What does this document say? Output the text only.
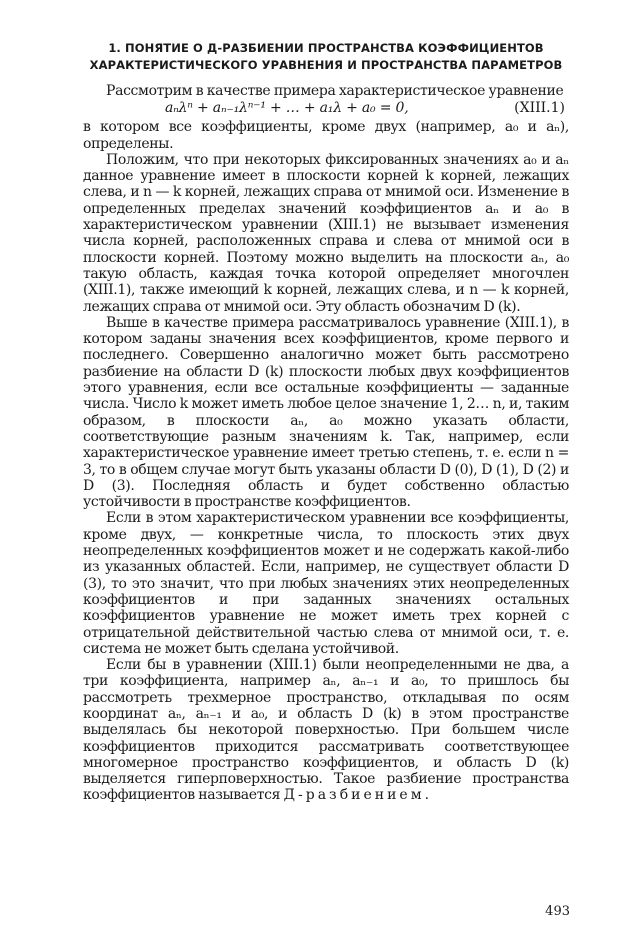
1. ПОНЯТИЕ О Д-РАЗБИЕНИИ ПРОСТРАНСТВА КОЭФФИЦИЕНТОВ
ХАРАКТЕРИСТИЧЕСКОГО УРАВНЕНИЯ И ПРОСТРАНСТВА ПАРАМЕТРОВ

Рассмотрим в качестве примера характеристическое уравнение

aₙλⁿ + aₙ₋₁λⁿ⁻¹ + … + a₁λ + a₀ = 0,	(XIII.1)

в котором все коэффициенты, кроме двух (например, a₀ и aₙ), определены.

Положим, что при некоторых фиксированных значениях a₀ и aₙ данное уравнение имеет в плоскости корней k корней, лежащих слева, и n — k корней, лежащих справа от мнимой оси. Изменение в определенных пределах значений коэффициентов aₙ и a₀ в характеристическом уравнении (XIII.1) не вызывает изменения числа корней, расположенных справа и слева от мнимой оси в плоскости корней. Поэтому можно выделить на плоскости aₙ, a₀ такую область, каждая точка которой определяет многочлен (XIII.1), также имеющий k корней, лежащих слева, и n — k корней, лежащих справа от мнимой оси. Эту область обозначим D (k).

Выше в качестве примера рассматривалось уравнение (XIII.1), в котором заданы значения всех коэффициентов, кроме первого и последнего. Совершенно аналогично может быть рассмотрено разбиение на области D (k) плоскости любых двух коэффициентов этого уравнения, если все остальные коэффициенты — заданные числа. Число k может иметь любое целое значение 1, 2… n, и, таким образом, в плоскости aₙ, a₀ можно указать области, соответствующие разным значениям k. Так, например, если характеристическое уравнение имеет третью степень, т. е. если n = 3, то в общем случае могут быть указаны области D (0), D (1), D (2) и D (3). Последняя область и будет собственно областью устойчивости в пространстве коэффициентов.

Если в этом характеристическом уравнении все коэффициенты, кроме двух, — конкретные числа, то плоскость этих двух неопределенных коэффициентов может и не содержать какой-либо из указанных областей. Если, например, не существует области D (3), то это значит, что при любых значениях этих неопределенных коэффициентов и при заданных значениях остальных коэффициентов уравнение не может иметь трех корней с отрицательной действительной частью слева от мнимой оси, т. е. система не может быть сделана устойчивой.

Если бы в уравнении (XIII.1) были неопределенными не два, а три коэффициента, например aₙ, aₙ₋₁ и a₀, то пришлось бы рассмотреть трехмерное пространство, откладывая по осям координат aₙ, aₙ₋₁ и a₀, и область D (k) в этом пространстве выделялась бы некоторой поверхностью. При большем числе коэффициентов приходится рассматривать соответствующее многомерное пространство коэффициентов, и область D (k) выделяется гиперповерхностью. Такое разбиение пространства коэффициентов называется Д-разбиением.

493
